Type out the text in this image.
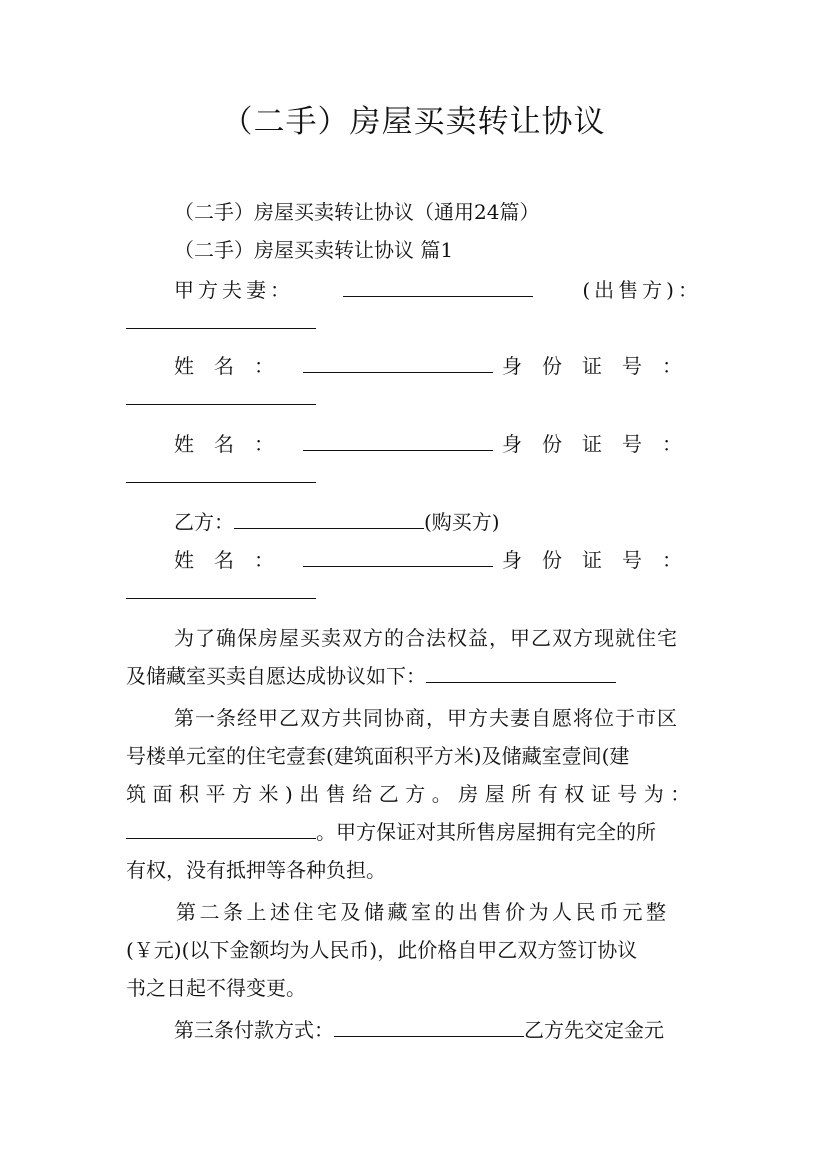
（二手）房屋买卖转让协议
（二手）房屋买卖转让协议（通用24篇）
（二手）房屋买卖转让协议 篇1
甲方夫妻：	(出售方)：
姓名：	身份证号：
姓名：	身份证号：
乙方：	(购买方)
姓名：	身份证号：
为了确保房屋买卖双方的合法权益，甲乙双方现就住宅
及储藏室买卖自愿达成协议如下：
第一条经甲乙双方共同协商，甲方夫妻自愿将位于市区
号楼单元室的住宅壹套(建筑面积平方米)及储藏室壹间(建
筑面积平方米)出售给乙方。房屋所有权证号为：
。甲方保证对其所售房屋拥有完全的所
有权，没有抵押等各种负担。
第二条上述住宅及储藏室的出售价为人民币元整
(￥元)(以下金额均为人民币)，此价格自甲乙双方签订协议
书之日起不得变更。
第三条付款方式：	乙方先交定金元
